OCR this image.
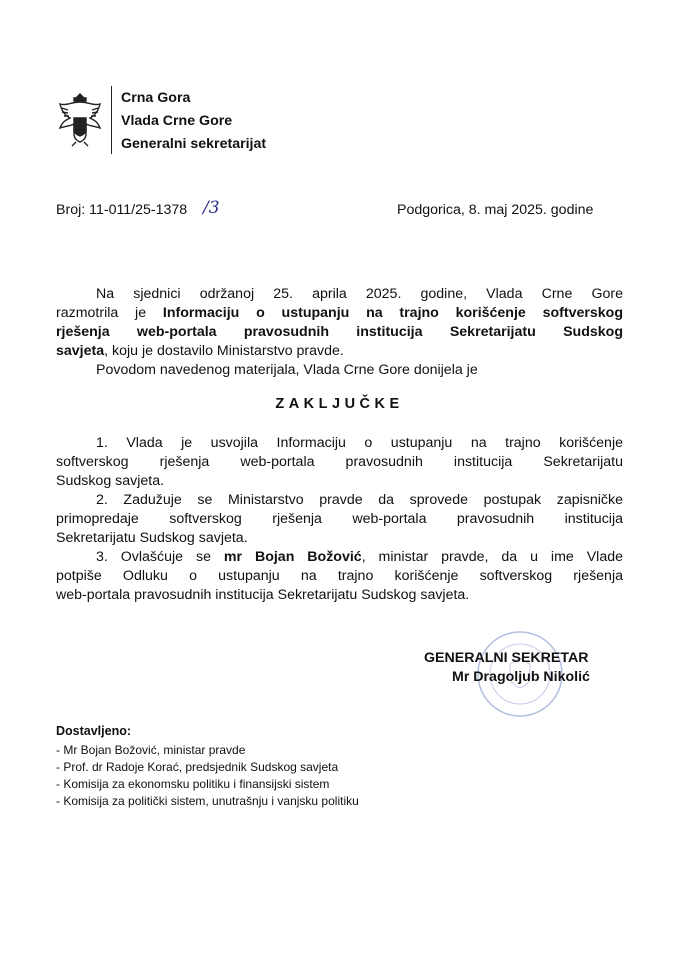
Crna Gora
Vlada Crne Gore
Generalni sekretarijat
Broj: 11-011/25-1378 /3	Podgorica, 8. maj 2025. godine
Na sjednici održanoj 25. aprila 2025. godine, Vlada Crne Gore
razmotrila je Informaciju o ustupanju na trajno korišćenje softverskog
rješenja web-portala pravosudnih institucija Sekretarijatu Sudskog
savjeta, koju je dostavilo Ministarstvo pravde.
Povodom navedenog materijala, Vlada Crne Gore donijela je
ZAKLJUČKE
1. Vlada je usvojila Informaciju o ustupanju na trajno korišćenje
softverskog rješenja web-portala pravosudnih institucija Sekretarijatu
Sudskog savjeta.
2. Zadužuje se Ministarstvo pravde da sprovede postupak zapisničke
primopredaje softverskog rješenja web-portala pravosudnih institucija
Sekretarijatu Sudskog savjeta.
3. Ovlašćuje se mr Bojan Božović, ministar pravde, da u ime Vlade
potpiše Odluku o ustupanju na trajno korišćenje softverskog rješenja
web-portala pravosudnih institucija Sekretarijatu Sudskog savjeta.
GENERALNI SEKRETAR
Mr Dragoljub Nikolić
Dostavljeno:
- Mr Bojan Božović, ministar pravde
- Prof. dr Radoje Korać, predsjednik Sudskog savjeta
- Komisija za ekonomsku politiku i finansijski sistem
- Komisija za politički sistem, unutrašnju i vanjsku politiku
